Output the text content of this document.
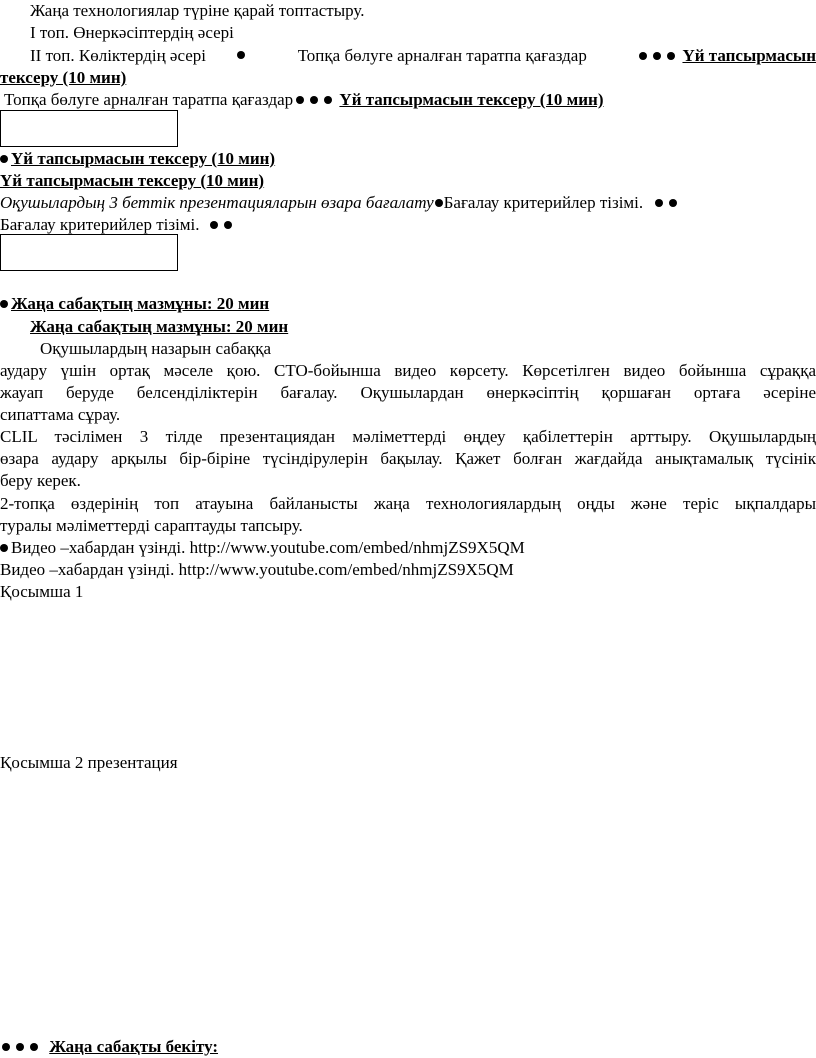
Жаңа технологиялар түріне қарай топтастыру.
I топ. Өнеркәсіптердің әсері
II топ. Көліктердің әсері	Топқа бөлуге арналған таратпа қағаздар	Үй тапсырмасын
тексеру (10 мин)
Топқа бөлуге арналған таратпа қағаздар	Үй тапсырмасын тексеру (10 мин)
Үй тапсырмасын тексеру (10 мин)
Үй тапсырмасын тексеру (10 мин)
Оқушылардың 3 беттік презентацияларын өзара бағалату Бағалау критерийлер тізімі.
Бағалау критерийлер тізімі.
Жаңа сабақтың мазмұны: 20 мин
Жаңа сабақтың мазмұны: 20 мин
Оқушылардың назарын сабаққа
аудару үшін ортақ мәселе қою. СТО-бойынша видео көрсету. Көрсетілген видео бойынша сұраққа
жауап беруде белсенділіктерін бағалау. Оқушылардан өнеркәсіптің қоршаған ортаға әсеріне
сипаттама сұрау.
CLIL тәсілімен 3 тілде презентациядан мәліметтерді өңдеу қабілеттерін арттыру. Оқушылардың
өзара аудару арқылы бір-біріне түсіндірулерін бақылау. Қажет болған жағдайда анықтамалық түсінік
беру керек.
2-топқа өздерінің топ атауына байланысты жаңа технологиялардың оңды және теріс ықпалдары
туралы мәліметтерді сараптауды тапсыру.
Видео –хабардан үзінді. http://www.youtube.com/embed/nhmjZS9X5QM
Видео –хабардан үзінді. http://www.youtube.com/embed/nhmjZS9X5QM
Қосымша 1
Қосымша 2 презентация
Жаңа сабақты бекіту:
